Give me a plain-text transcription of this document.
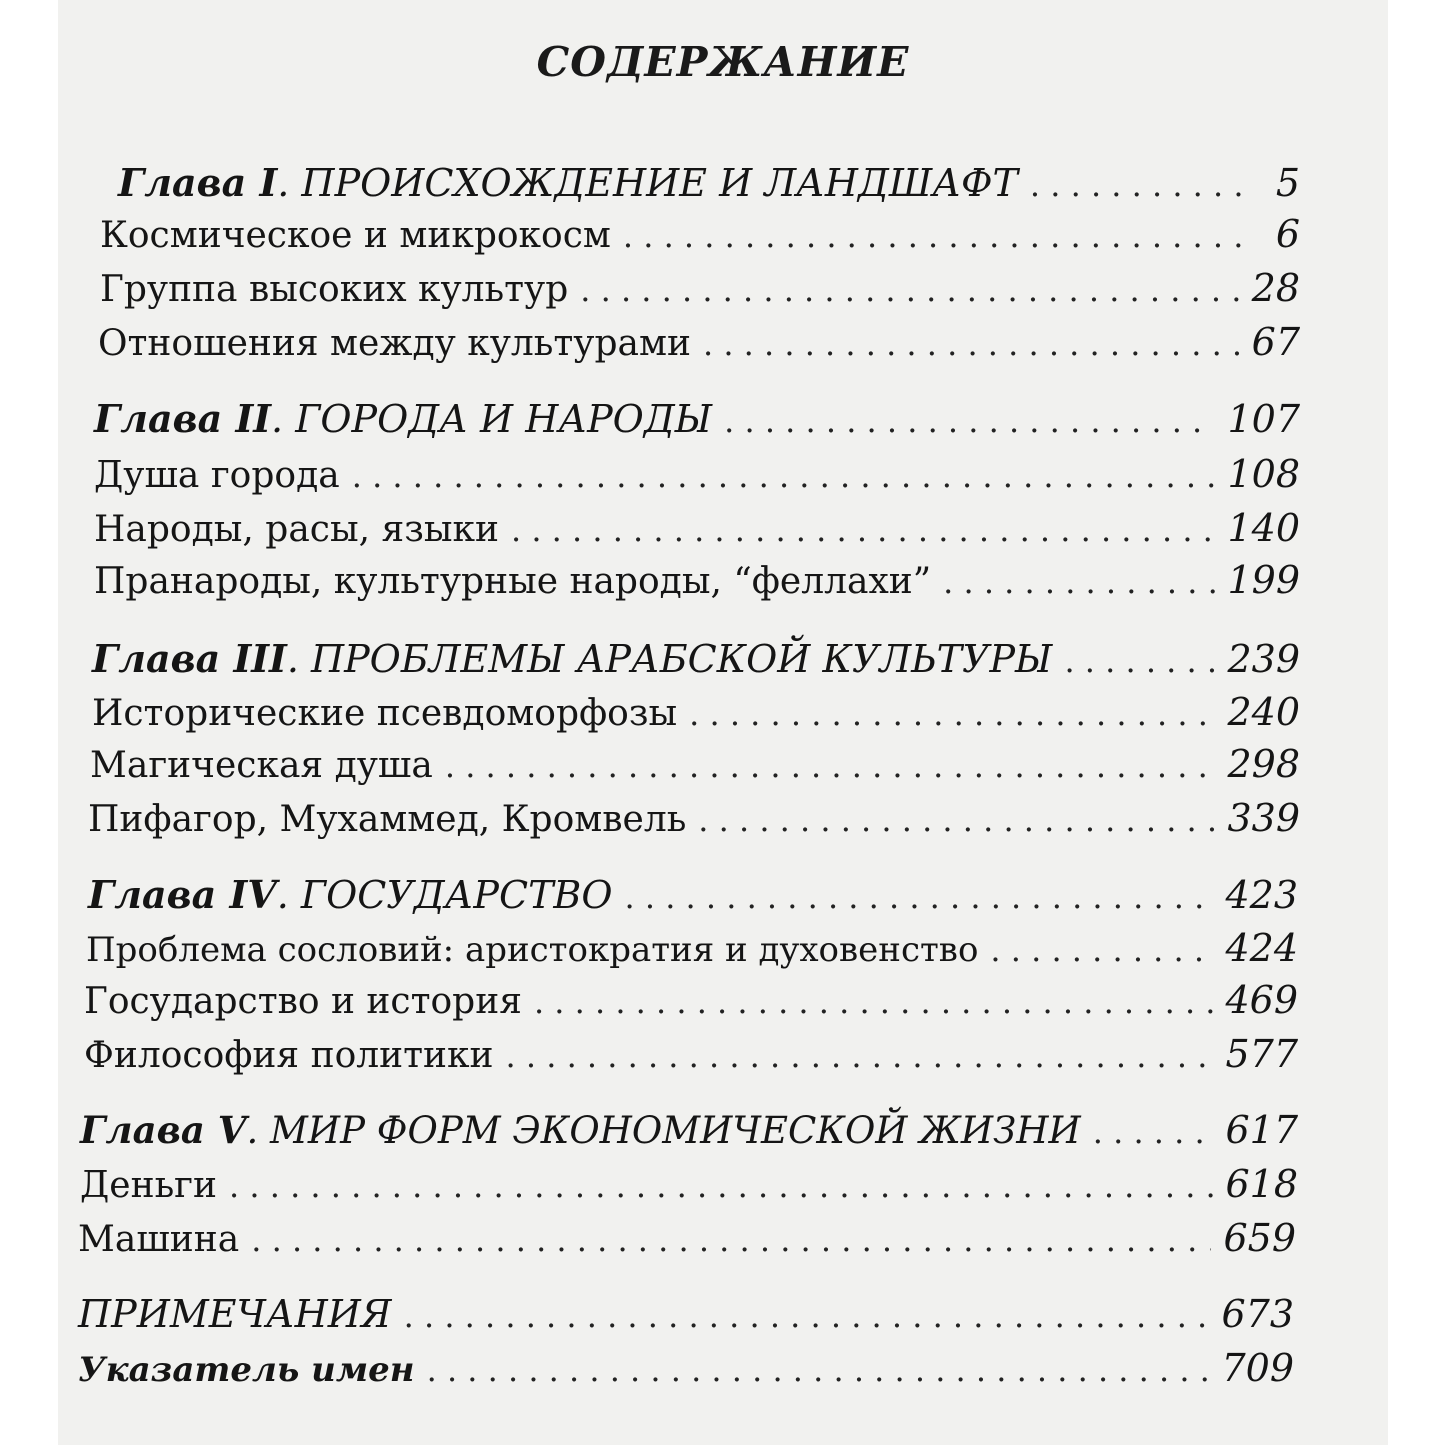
СОДЕРЖАНИЕ
Глава I. ПРОИСХОЖДЕНИЕ И ЛАНДШАФТ . . .	5
Космическое и микрокосм . . .	6
Группа высоких культур . . .	28
Отношения между культурами . . .	67
Глава II. ГОРОДА И НАРОДЫ . . .	107
Душа города . . .	108
Народы, расы, языки . . .	140
Пранароды, культурные народы, “феллахи” . . .	199
Глава III. ПРОБЛЕМЫ АРАБСКОЙ КУЛЬТУРЫ . . .	239
Исторические псевдоморфозы . . .	240
Магическая душа . . .	298
Пифагор, Мухаммед, Кромвель . . .	339
Глава IV. ГОСУДАРСТВО . . .	423
Проблема сословий: аристократия и духовенство . . .	424
Государство и история . . .	469
Философия политики . . .	577
Глава V. МИР ФОРМ ЭКОНОМИЧЕСКОЙ ЖИЗНИ . . .	617
Деньги . . .	618
Машина . . .	659
ПРИМЕЧАНИЯ . . .	673
Указатель имен . . .	709
